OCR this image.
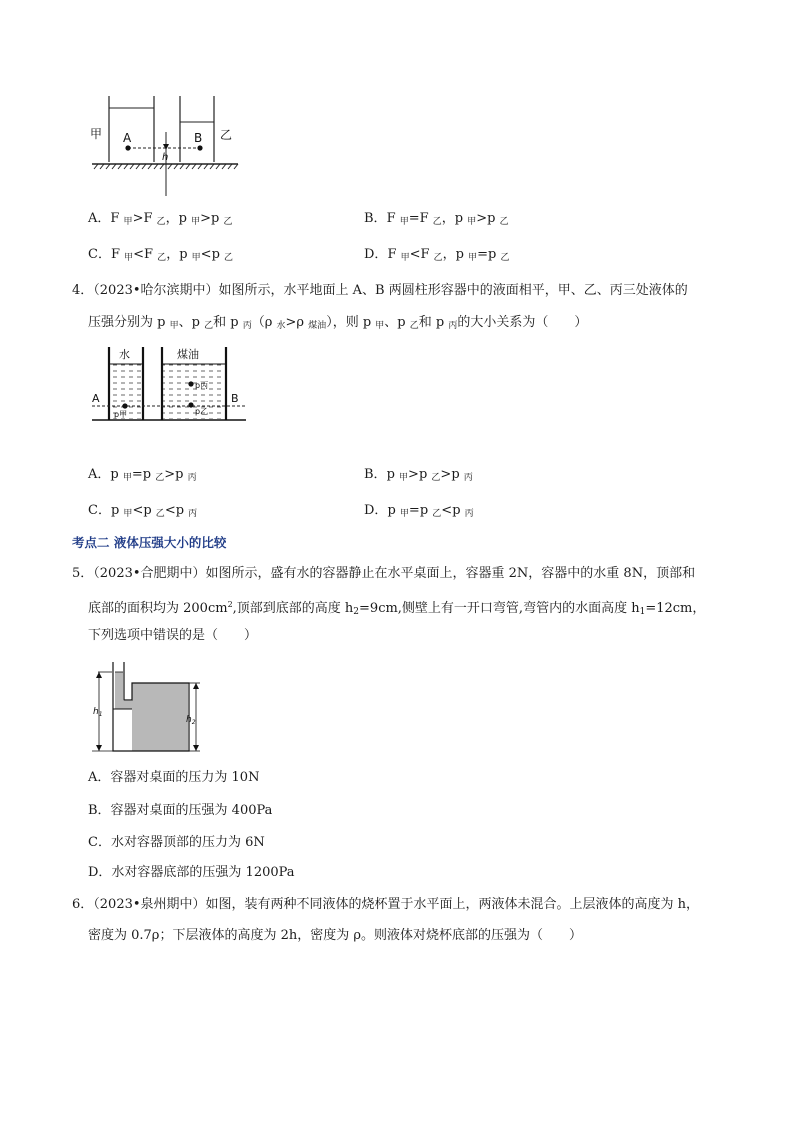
甲	乙
A	B
h
A．F $_甲$>F $_乙$，p $_甲$>p $_乙$	B．F $_甲$=F $_乙$，p $_甲$>p $_乙$
C．F $_甲$<F $_乙$，p $_甲$<p $_乙$	D．F $_甲$<F $_乙$，p $_甲$=p $_乙$
4．（2023•哈尔滨期中）如图所示，水平地面上 A、B 两圆柱形容器中的液面相平，甲、乙、丙三处液体的
压强分别为 p $_甲$、p $_乙$和 p $_丙$（ρ $_水$>ρ $_{煤油}$），则 p $_甲$、p $_乙$和 p $_丙$的大小关系为（　　）
水	煤油
A	B
p甲
p丙
p乙
A．p $_甲$=p $_乙$>p $_丙$	B．p $_甲$>p $_乙$>p $_丙$
C．p $_甲$<p $_乙$<p $_丙$	D．p $_甲$=p $_乙$<p $_丙$
考点二 液体压强大小的比较
5．（2023•合肥期中）如图所示，盛有水的容器静止在水平桌面上，容器重 2N，容器中的水重 8N，顶部和
底部的面积均为 $200cm^2$,顶部到底部的高度 $h_2=9cm$,侧壁上有一开口弯管,弯管内的水面高度 $h_1=12cm$，
下列选项中错误的是（　　）
$h_1$
$h_2$
A．容器对桌面的压力为 10N
B．容器对桌面的压强为 400Pa
C．水对容器顶部的压力为 6N
D．水对容器底部的压强为 1200Pa
6．（2023•泉州期中）如图，装有两种不同液体的烧杯置于水平面上，两液体未混合。上层液体的高度为 h，
密度为 0.7ρ；下层液体的高度为 2h，密度为 ρ。则液体对烧杯底部的压强为（　　）
